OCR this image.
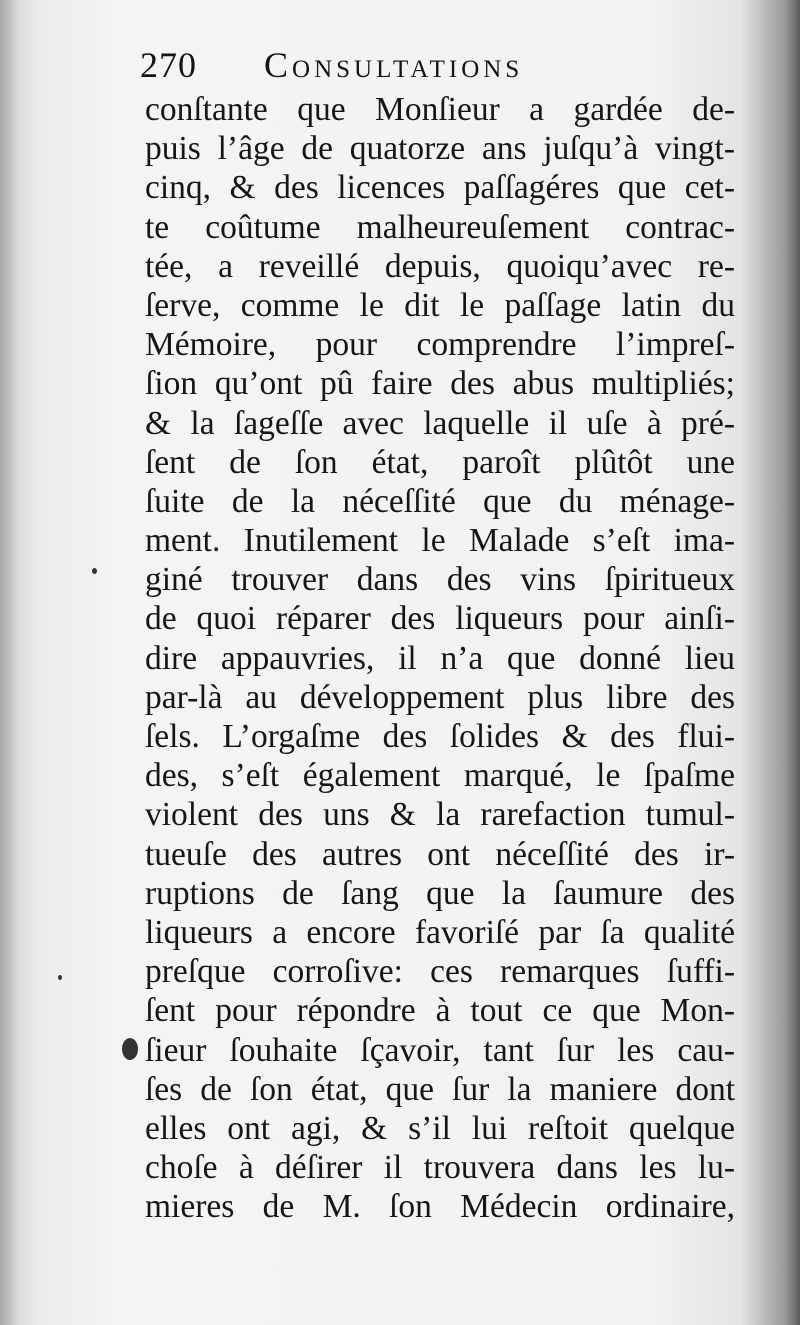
270 Consultations
conſtante que Monſieur a gardée de-
puis l’âge de quatorze ans juſqu’à vingt-
cinq, & des licences paſſagéres que cet-
te coûtume malheureuſement contrac-
tée, a reveillé depuis, quoiqu’avec re-
ſerve, comme le dit le paſſage latin du
Mémoire, pour comprendre l’impreſ-
ſion qu’ont pû faire des abus multipliés;
& la ſageſſe avec laquelle il uſe à pré-
ſent de ſon état, paroît plûtôt une
ſuite de la néceſſité que du ménage-
ment. Inutilement le Malade s’eſt ima-
giné trouver dans des vins ſpiritueux
de quoi réparer des liqueurs pour ainſi-
dire appauvries, il n’a que donné lieu
par-là au développement plus libre des
ſels. L’orgaſme des ſolides & des flui-
des, s’eſt également marqué, le ſpaſme
violent des uns & la rarefaction tumul-
tueuſe des autres ont néceſſité des ir-
ruptions de ſang que la ſaumure des
liqueurs a encore favoriſé par ſa qualité
preſque corroſive: ces remarques ſuffi-
ſent pour répondre à tout ce que Mon-
ſieur ſouhaite ſçavoir, tant ſur les cau-
ſes de ſon état, que ſur la maniere dont
elles ont agi, & s’il lui reſtoit quelque
choſe à déſirer il trouvera dans les lu-
mieres de M. ſon Médecin ordinaire,
